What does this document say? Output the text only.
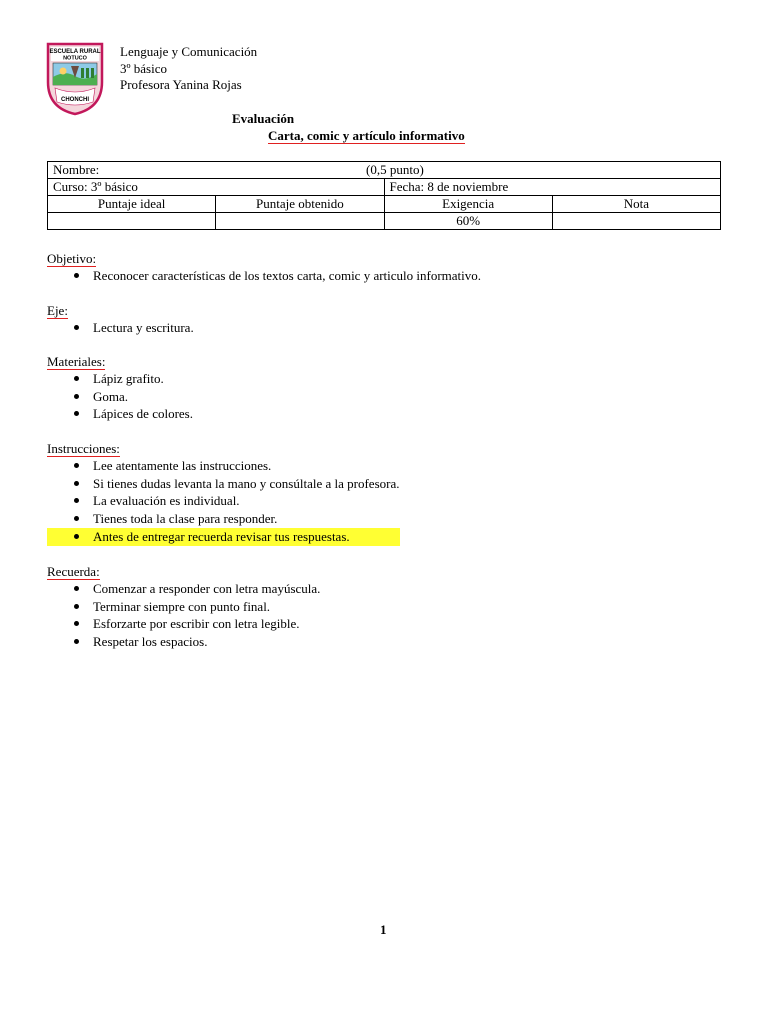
ESCUELA RURAL
NOTUCO
CHONCHI
Lenguaje y Comunicación
3º básico
Profesora Yanina Rojas
Evaluación
Carta, comic y artículo informativo
Nombre: (0,5 punto)			

Curso: 3º básico		Fecha: 8 de noviembre	
Puntaje ideal	Puntaje obtenido	Exigencia	Nota
		60%	
Objetivo:
Reconocer características de los textos carta, comic y articulo informativo.
Eje:
Lectura y escritura.
Materiales:
Lápiz grafito.
Goma.
Lápices de colores.
Instrucciones:
Lee atentamente las instrucciones.
Si tienes dudas levanta la mano y consúltale a la profesora.
La evaluación es individual.
Tienes toda la clase para responder.
Antes de entregar recuerda revisar tus respuestas.
Recuerda:
Comenzar a responder con letra mayúscula.
Terminar siempre con punto final.
Esforzarte por escribir con letra legible.
Respetar los espacios.
1
